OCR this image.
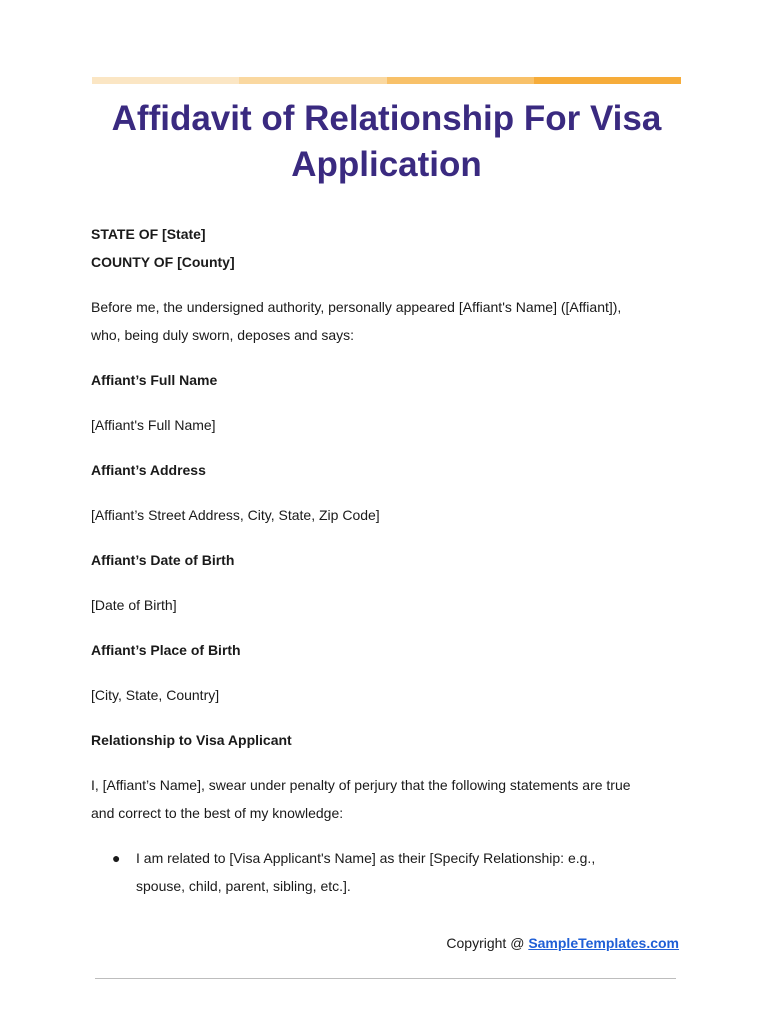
Affidavit of Relationship For Visa Application

STATE OF [State]

COUNTY OF [County]

Before me, the undersigned authority, personally appeared [Affiant's Name] ([Affiant]),

who, being duly sworn, deposes and says:

Affiant’s Full Name

[Affiant's Full Name]

Affiant’s Address

[Affiant’s Street Address, City, State, Zip Code]

Affiant’s Date of Birth

[Date of Birth]

Affiant’s Place of Birth

[City, State, Country]

Relationship to Visa Applicant

I, [Affiant’s Name], swear under penalty of perjury that the following statements are true

and correct to the best of my knowledge:

● I am related to [Visa Applicant's Name] as their [Specify Relationship: e.g.,
spouse, child, parent, sibling, etc.].
Copyright @ SampleTemplates.com
